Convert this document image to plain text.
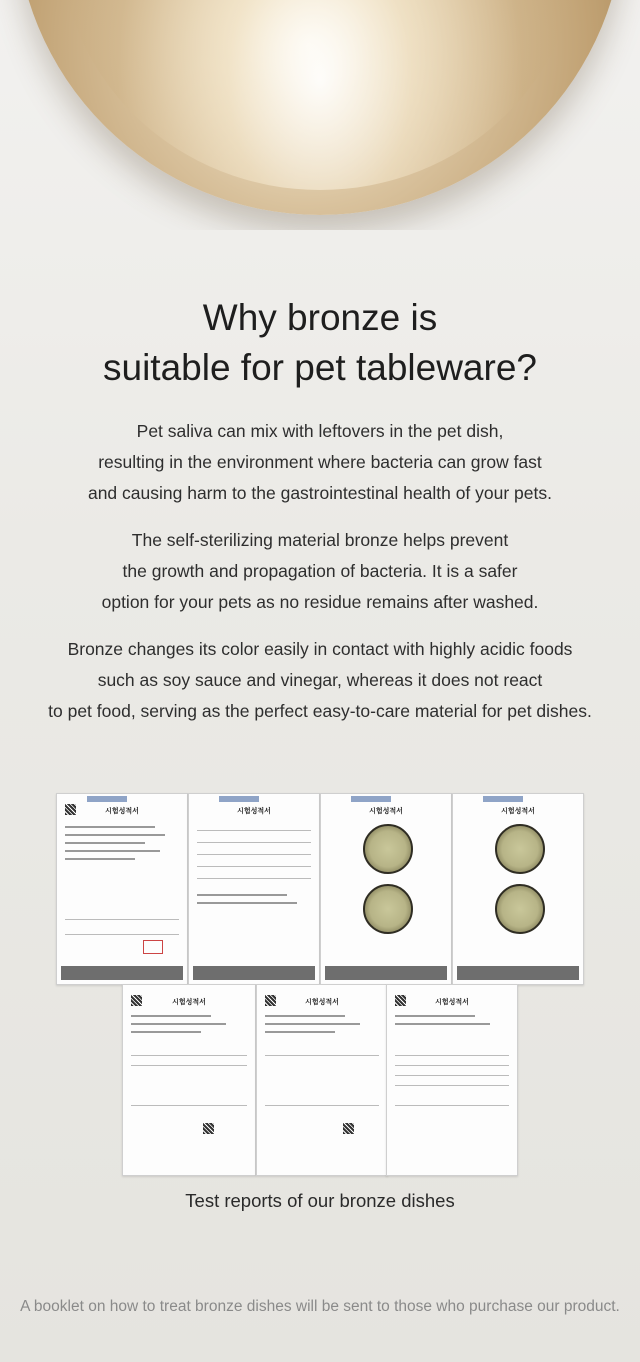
Why bronze is
suitable for pet tableware?
Pet saliva can mix with leftovers in the pet dish,
resulting in the environment where bacteria can grow fast
and causing harm to the gastrointestinal health of your pets.
The self-sterilizing material bronze helps prevent
the growth and propagation of bacteria. It is a safer
option for your pets as no residue remains after washed.
Bronze changes its color easily in contact with highly acidic foods
such as soy sauce and vinegar, whereas it does not react
to pet food, serving as the perfect easy-to-care material for pet dishes.
시험성적서	시험성적서	시험성적서	시험성적서
시험성적서	시험성적서	시험성적서
Test reports of our bronze dishes
A booklet on how to treat bronze dishes will be sent to those who purchase our product.
